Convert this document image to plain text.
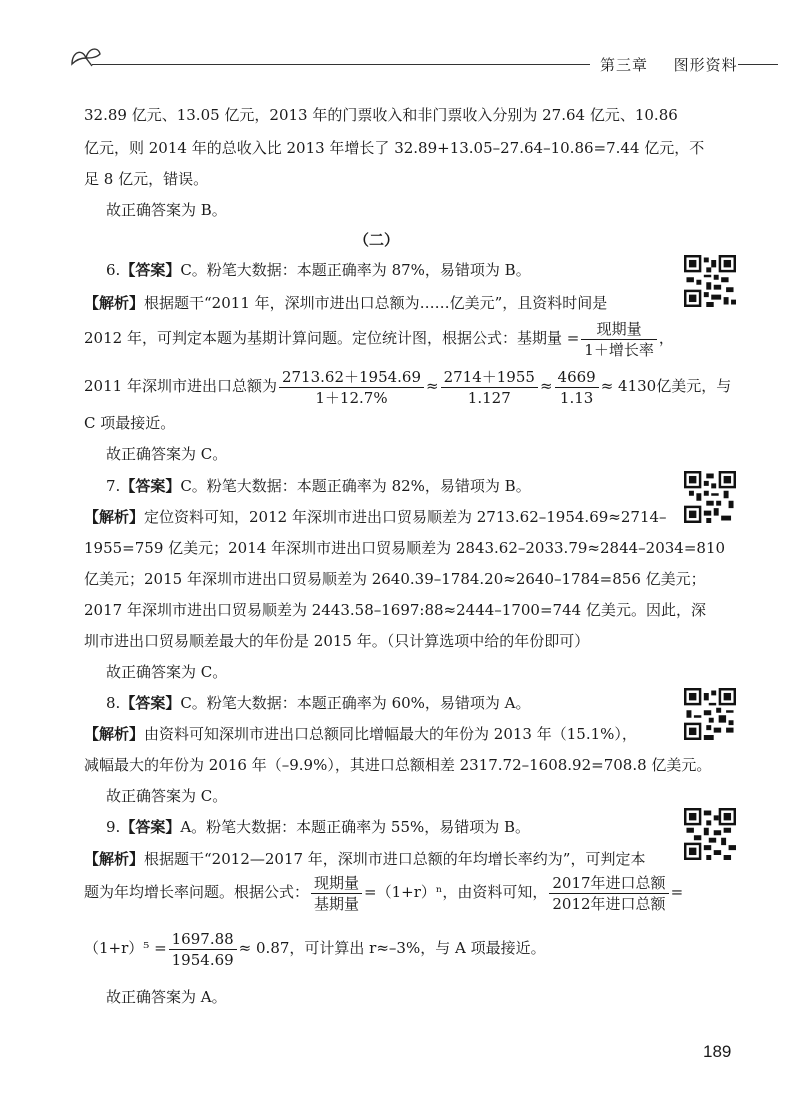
第三章 图形资料
32.89 亿元、13.05 亿元，2013 年的门票收入和非门票收入分别为 27.64 亿元、10.86
亿元，则 2014 年的总收入比 2013 年增长了 32.89+13.05–27.64–10.86=7.44 亿元，不
足 8 亿元，错误。
故正确答案为 B。
（二）
6.【答案】C。粉笔大数据：本题正确率为 87%，易错项为 B。
【解析】根据题干“2011 年，深圳市进出口总额为……亿美元”，且资料时间是
2012 年，可判定本题为基期计算问题。定位统计图，根据公式：基期量 = $\frac{\text{现期量}}{\text{1＋增长率}}$ ，
2011 年深圳市进出口总额为 $\frac{2713.62+1954.69}{1+12.7\%} \approx \frac{2714+1955}{1.127} \approx \frac{4669}{1.13} \approx 4130$亿美元，与
C 项最接近。
故正确答案为 C。
7.【答案】C。粉笔大数据：本题正确率为 82%，易错项为 B。
【解析】定位资料可知，2012 年深圳市进出口贸易顺差为 2713.62–1954.69≈2714–
1955=759 亿美元；2014 年深圳市进出口贸易顺差为 2843.62–2033.79≈2844–2034=810
亿美元；2015 年深圳市进出口贸易顺差为 2640.39–1784.20≈2640–1784=856 亿美元；
2017 年深圳市进出口贸易顺差为 2443.58–1697:88≈2444–1700=744 亿美元。因此，深
圳市进出口贸易顺差最大的年份是 2015 年。（只计算选项中给的年份即可）
故正确答案为 C。
8.【答案】C。粉笔大数据：本题正确率为 60%，易错项为 A。
【解析】由资料可知深圳市进出口总额同比增幅最大的年份为 2013 年（15.1%），
减幅最大的年份为 2016 年（–9.9%），其进口总额相差 2317.72–1608.92=708.8 亿美元。
故正确答案为 C。
9.【答案】A。粉笔大数据：本题正确率为 55%，易错项为 B。
【解析】根据题干“2012—2017 年，深圳市进口总额的年均增长率约为”，可判定本
题为年均增长率问题。根据公式： $\frac{\text{现期量}}{\text{基期量}} =(1+r)^n$，由资料可知， $\frac{\text{2017年进口总额}}{\text{2012年进口总额}}$ =
$(1+r)^5 = \frac{1697.88}{1954.69} \approx 0.87$，可计算出 r≈–3%，与 A 项最接近。
故正确答案为 A。
189
